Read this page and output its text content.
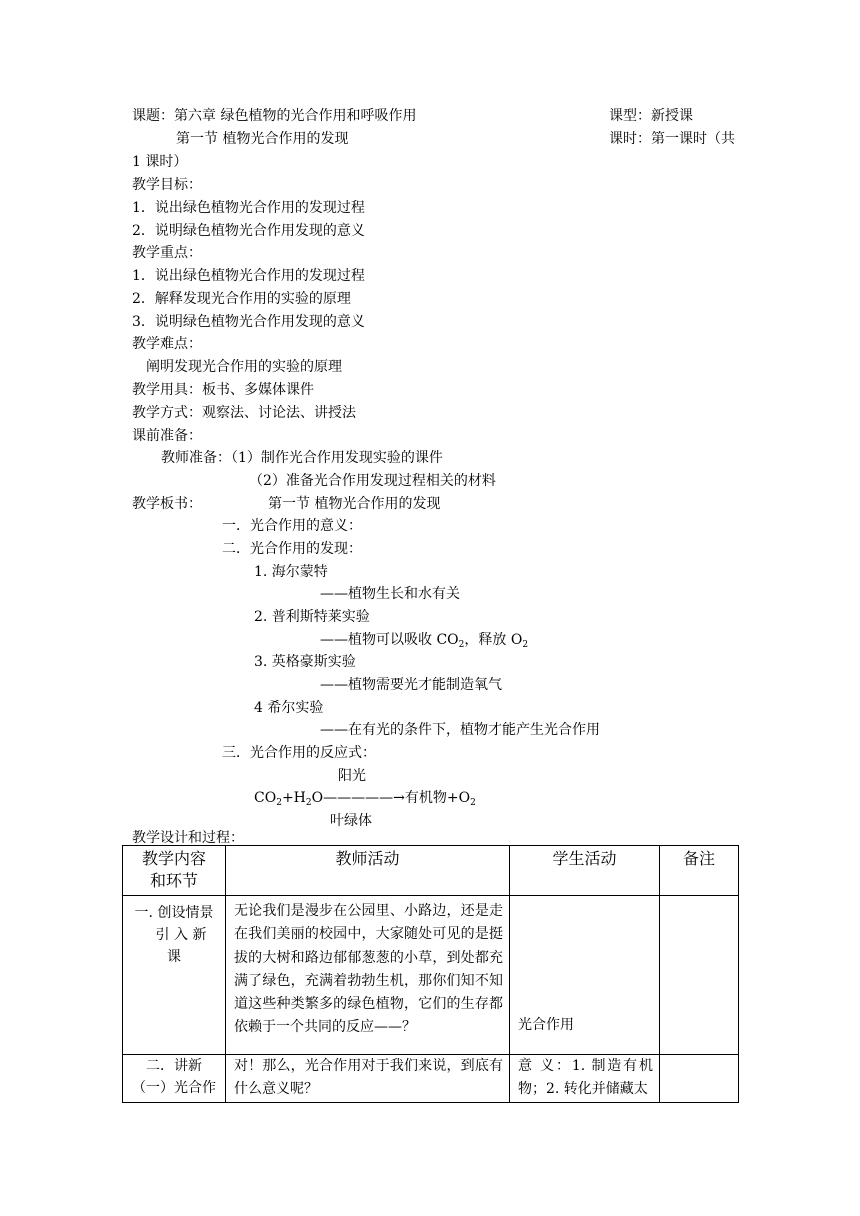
课题：第六章 绿色植物的光合作用和呼吸作用	课型：新授课
第一节 植物光合作用的发现	课时：第一课时（共
1 课时）
教学目标：
1．说出绿色植物光合作用的发现过程
2．说明绿色植物光合作用发现的意义
教学重点：
1．说出绿色植物光合作用的发现过程
2．解释发现光合作用的实验的原理
3．说明绿色植物光合作用发现的意义
教学难点：
阐明发现光合作用的实验的原理
教学用具：板书、多媒体课件
教学方式：观察法、讨论法、讲授法
课前准备：
教师准备：（1）制作光合作用发现实验的课件
（2）准备光合作用发现过程相关的材料
教学板书：	第一节 植物光合作用的发现
一．光合作用的意义：
二．光合作用的发现：
1. 海尔蒙特
——植物生长和水有关
2. 普利斯特莱实验
——植物可以吸收 $CO_2$，释放 $O_2$
3. 英格豪斯实验
——植物需要光才能制造氧气
4 希尔实验
——在有光的条件下，植物才能产生光合作用
三．光合作用的反应式：
阳光
$CO_2+H_2O—————\to$有机物$+O_2$
叶绿体
教学设计和过程：
教学内容
和环节	教师活动	学生活动	备注

一. 创设情景
引 入 新
课	无论我们是漫步在公园里、小路边，还是走在我们美丽的校园中，大家随处可见的是挺拔的大树和路边郁郁葱葱的小草，到处都充满了绿色，充满着勃勃生机，那你们知不知道这些种类繁多的绿色植物，它们的生存都依赖于一个共同的反应——？	光合作用	

二．讲新
（一）光合作	对！那么，光合作用对于我们来说，到底有什么意义呢？	意 义：1. 制造有机物；2. 转化并储藏太	
